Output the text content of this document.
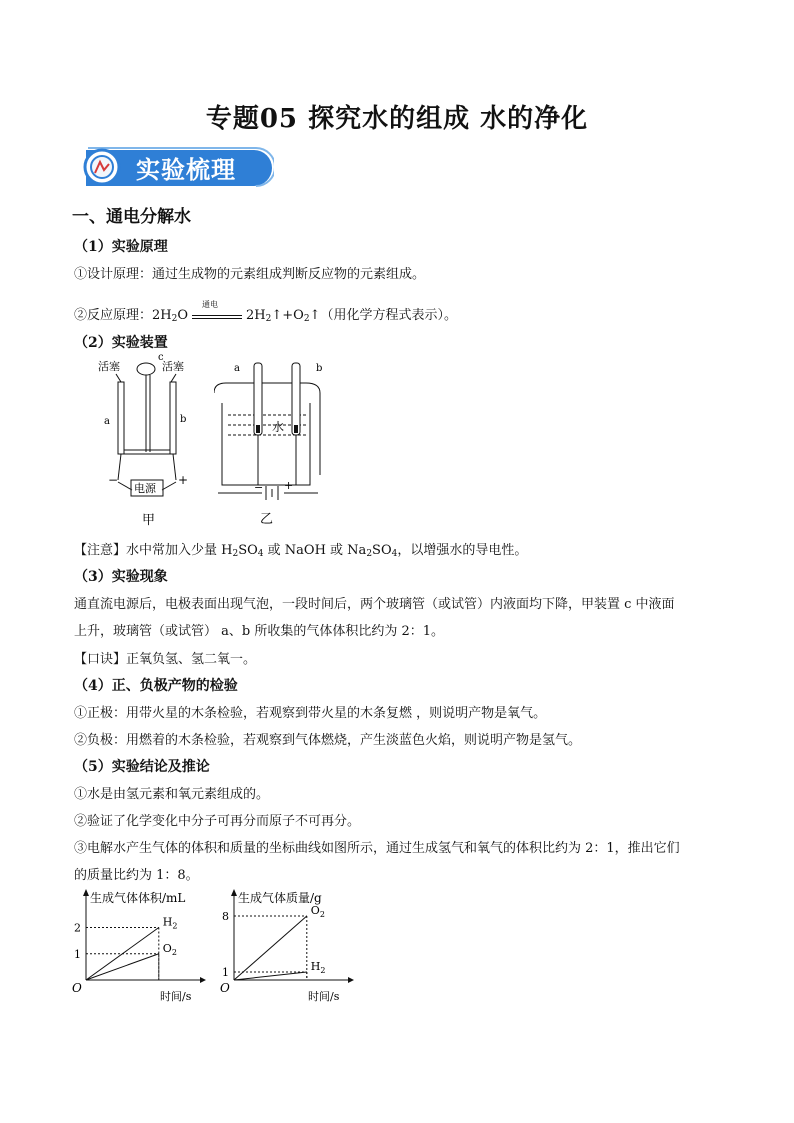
专题05 探究水的组成 水的净化
实验梳理
一、通电分解水
（1）实验原理
①设计原理：通过生成物的元素组成判断反应物的元素组成。
②反应原理：$2H_2O$
通电
$2H_2↑+O_2↑$（用化学方程式表示）。
（2）实验装置
活塞	活塞
c
a	b
−	+
电源
甲
a	b
水
− +
乙
【注意】水中常加入少量 $H_2SO_4$ 或 NaOH 或 $Na_2SO_4$，以增强水的导电性。
（3）实验现象
通直流电源后，电极表面出现气泡，一段时间后，两个玻璃管（或试管）内液面均下降，甲装置 c 中液面
上升，玻璃管（或试管） a、b 所收集的气体体积比约为 2：1。
【口诀】正氧负氢、氢二氧一。
（4）正、负极产物的检验
①正极：用带火星的木条检验，若观察到带火星的木条复燃 ，则说明产物是氧气。
②负极：用燃着的木条检验，若观察到气体燃烧，产生淡蓝色火焰，则说明产物是氢气。
（5）实验结论及推论
①水是由氢元素和氧元素组成的。
②验证了化学变化中分子可再分而原子不可再分。
③电解水产生气体的体积和质量的坐标曲线如图所示，通过生成氢气和氧气的体积比约为 2：1，推出它们
的质量比约为 1：8。
生成气体体积/mL
时间/s
O
1
2	$H_2$
$O_2$
生成气体质量/g
时间/s
O
1
8	$O_2$
$H_2$
